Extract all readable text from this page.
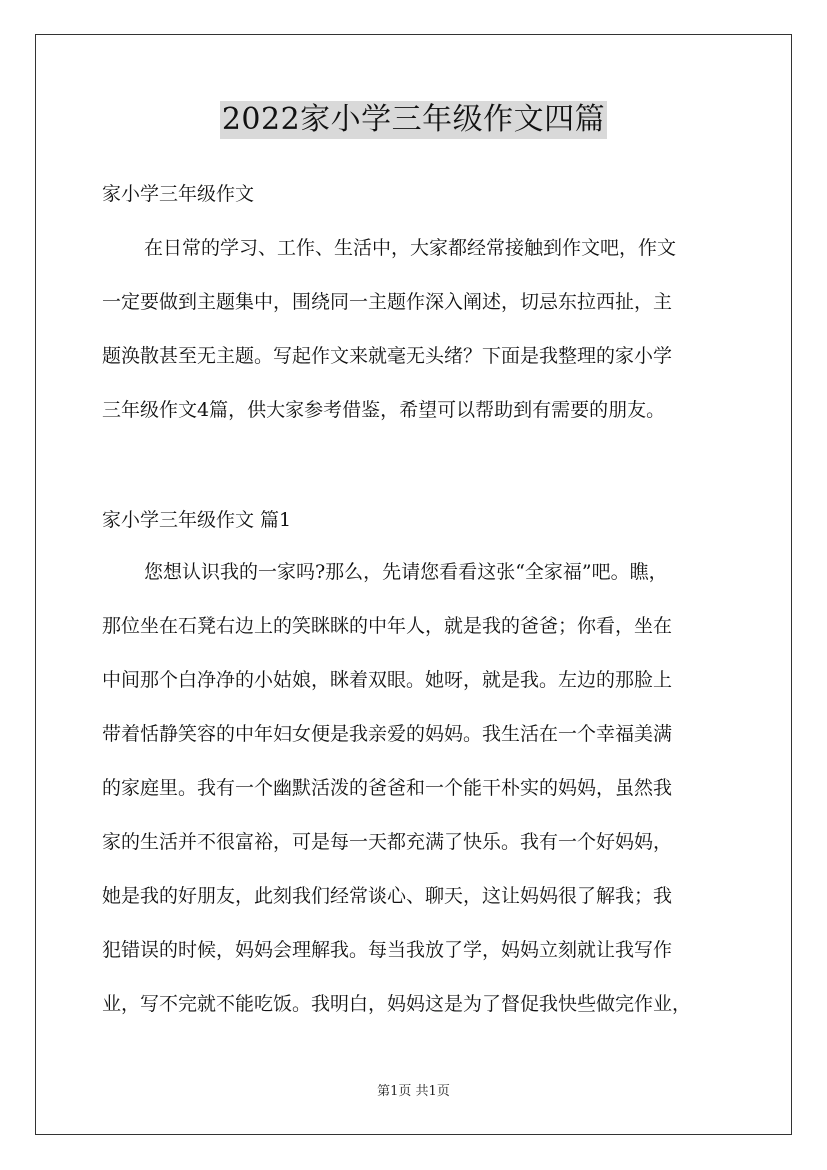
2022家小学三年级作文四篇
家小学三年级作文
在日常的学习、工作、生活中，大家都经常接触到作文吧，作文
一定要做到主题集中，围绕同一主题作深入阐述，切忌东拉西扯，主
题涣散甚至无主题。写起作文来就毫无头绪？下面是我整理的家小学
三年级作文4篇，供大家参考借鉴，希望可以帮助到有需要的朋友。
家小学三年级作文 篇1
您想认识我的一家吗?那么，先请您看看这张“全家福”吧。瞧，
那位坐在石凳右边上的笑眯眯的中年人，就是我的爸爸；你看，坐在
中间那个白净净的小姑娘，眯着双眼。她呀，就是我。左边的那脸上
带着恬静笑容的中年妇女便是我亲爱的妈妈。我生活在一个幸福美满
的家庭里。我有一个幽默活泼的爸爸和一个能干朴实的妈妈，虽然我
家的生活并不很富裕，可是每一天都充满了快乐。我有一个好妈妈，
她是我的好朋友，此刻我们经常谈心、聊天，这让妈妈很了解我；我
犯错误的时候，妈妈会理解我。每当我放了学，妈妈立刻就让我写作
业，写不完就不能吃饭。我明白，妈妈这是为了督促我快些做完作业，
第1页 共1页
